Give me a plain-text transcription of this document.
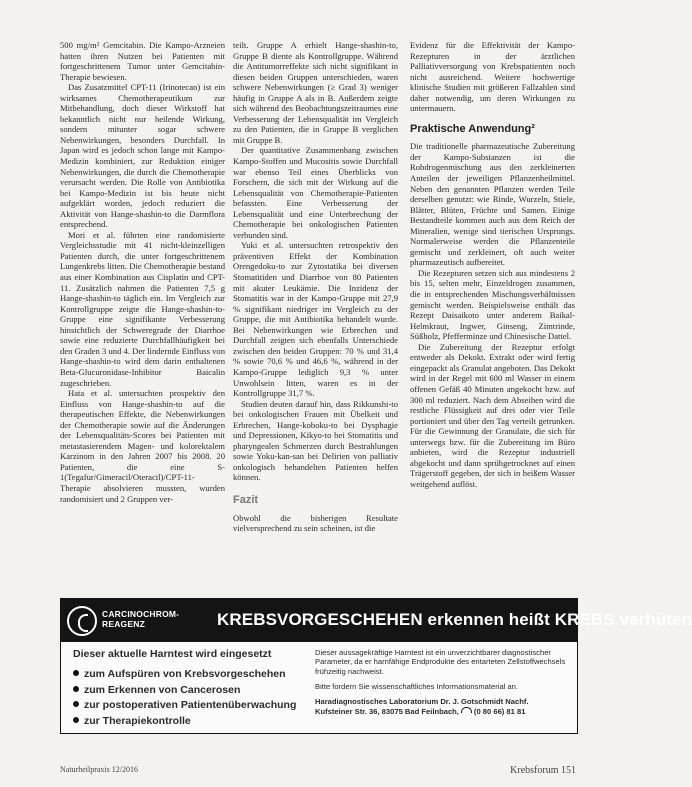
500 mg/m² Gemcitabin. Die Kampo-Arzneien hatten ihren Nutzen bei Patienten mit fortgeschrittenem Tumor unter Gemcitabin-Therapie bewiesen.

Das Zusatzmittel CPT-11 (Irinotecan) ist ein wirksames Chemotherapeutikum zur Mitbehandlung, doch dieser Wirkstoff hat bekanntlich nicht nur heilende Wirkung, sondern mitunter sogar schwere Nebenwirkungen, besonders Durchfall. In Japan wird es jedoch schon lange mit Kampo-Medizin kombiniert, zur Reduktion einiger Nebenwirkungen, die durch die Chemotherapie verursacht werden. Die Rolle von Antibiotika bei Kampo-Medizin ist bis heute nicht aufgeklärt worden, jedoch reduziert die Aktivität von Hange-shashin-to die Darmflora entsprechend.

Mori et al. führten eine randomisierte Vergleichsstudie mit 41 nicht-kleinzelligen Patienten durch, die unter fortgeschrittenem Lungenkrebs litten. Die Chemotherapie bestand aus einer Kombination aus Cisplatin und CPT-11. Zusätzlich nahmen die Patienten 7,5 g Hange-shashin-to täglich ein. Im Vergleich zur Kontrollgruppe zeigte die Hange-shashin-to-Gruppe eine signifikante Verbesserung hinsichtlich der Schweregrade der Diarrhoe sowie eine reduzierte Durchfallhäufigkeit bei den Graden 3 und 4. Der lindernde Einfluss von Hange-shashin-to wird dem darin enthaltenen Beta-Glucuronidase-Inhibitor Baicalin zugeschrieben.

Hata et al. untersuchten prospektiv den Einfluss von Hange-shashin-to auf die therapeutischen Effekte, die Nebenwirkungen der Chemotherapie sowie auf die Änderungen der Lebensqualitäts-Scores bei Patienten mit metastasierendem Magen- und kolorektalem Karzinom in den Jahren 2007 bis 2008. 20 Patienten, die eine S-1(Tegafur/Gimeracil/Oteracil)/CPT-11-Therapie absolvieren mussten, wurden randomisiert und 2 Gruppen ver-

teilt. Gruppe A erhielt Hange-shashin-to, Gruppe B diente als Kontrollgruppe. Während die Antitumorreffekte sich nicht signifikant in diesen beiden Gruppen unterschieden, waren schwere Nebenwirkungen (≥ Grad 3) weniger häufig in Gruppe A als in B. Außerdem zeigte sich während des Beobachtungszeitraumes eine Verbesserung der Lebensqualität im Vergleich zu den Patienten, die in Gruppe B verglichen mit Gruppe B.

Der quantitative Zusammenhang zwischen Kampo-Stoffen und Mucositis sowie Durchfall war ebenso Teil eines Überblicks von Forschern, die sich mit der Wirkung auf die Lebensqualität von Chemotherapie-Patienten befassten. Eine Verbesserung der Lebensqualität und eine Unterbrechung der Chemotherapie bei onkologischen Patienten verbunden sind.

Yuki et al. untersuchten retrospektiv den präventiven Effekt der Kombination Orengedoku-to zur Zytostatika bei diversen Stomatitiden und Diarrhoe von 80 Patienten mit akuter Leukämie. Die Inzidenz der Stomatitis war in der Kampo-Gruppe mit 27,9 % signifikant niedriger im Vergleich zu der Gruppe, die mit Antibiotika behandelt wurde. Bei Nebenwirkungen wie Erbrechen und Durchfall zeigten sich ebenfalls Unterschiede zwischen den beiden Gruppen: 70 % und 31,4 % sowie 70,6 % und 46,6 %, während in der Kampo-Gruppe lediglich 9,3 % unter Unwohlsein litten, waren es in der Kontrollgruppe 31,7 %.

Studien deuten darauf hin, dass Rikkunshi-to bei onkologischen Frauen mit Übelkeit und Erbrechen, Hange-koboku-to bei Dysphagie und Depressionen, Kikyo-to bei Stomatitis und pharyngealen Schmerzen durch Bestrahlungen sowie Yoku-kan-san bei Delirien von palliativ onkologisch behandelten Patienten helfen können.

Fazit

Obwohl die bisherigen Resultate vielversprechend zu sein scheinen, ist die

Evidenz für die Effektivität der Kampo-Rezepturen in der ärztlichen Palliativversorgung von Krebspatienten noch nicht ausreichend. Weitere hochwertige klinische Studien mit größeren Fallzahlen sind daher notwendig, um deren Wirkungen zu untermauern.

Praktische Anwendung²

Die traditionelle pharmazeutische Zubereitung der Kampo-Substanzen ist die Rohdrogenmischung aus den zerkleinerten Anteilen der jeweiligen Pflanzenheilmittel. Neben den genannten Pflanzen werden Teile derselben genutzt: wie Rinde, Wurzeln, Stiele, Blätter, Blüten, Früchte und Samen. Einige Bestandteile kommen auch aus dem Reich der Mineralien, wenige sind tierischen Ursprungs. Normalerweise werden die Pflanzenteile gemischt und zerkleinert, oft auch weiter pharmazeutisch aufbereitet.

Die Rezepturen setzen sich aus mindestens 2 bis 15, selten mehr, Einzeldrogen zusammen, die in entsprechenden Mischungsverhältnissen gemischt werden. Beispielsweise enthält das Rezept Daisaikoto unter anderem Baikal-Helmkraut, Ingwer, Ginseng, Zimtrinde, Süßholz, Pfefferminze und Chinesische Dattel.

Die Zubereitung der Rezeptur erfolgt entweder als Dekokt. Extrakt oder wird fertig eingepackt als Granulat angeboten. Das Dekokt wird in der Regel mit 600 ml Wasser in einem offenen Gefäß 40 Minuten angekocht bzw. auf 300 ml reduziert. Nach dem Abseihen wird die restliche Flüssigkeit auf drei oder vier Teile portioniert und über den Tag verteilt getrunken. Für die Gewinnung der Granulate, die sich für unterwegs bzw. für die Zubereitung im Büro anbieten, wird die Rezeptur industriell abgekocht und dann sprühgetrocknet auf einen Trägerstoff gegeben, der sich in heißem Wasser weitgehend auflöst.

CARCINOCHROM-
REAGENZ	KREBSVORGESCHEHEN erkennen heißt KREBS verhüten
Dieser aktuelle Harntest wird eingesetzt
zum Aufspüren von Krebsvorgeschehen
zum Erkennen von Cancerosen
zur postoperativen Patientenüberwachung
zur Therapiekontrolle
Dieser aussagekräftige Harntest ist ein unverzichtbarer diagnostischer Parameter, da er harnfähige Endprodukte des entarteten Zellstoffwechsels frühzeitig nachweist.
Bitte fordern Sie wissenschaftliches Informationsmaterial an.
Haradiagnostisches Laboratorium Dr. J. Gotschmidt Nachf.
Kufsteiner Str. 36, 83075 Bad Feilnbach, (0 80 66) 81 81
Naturheilpraxis 12/2016	Krebsforum 151
